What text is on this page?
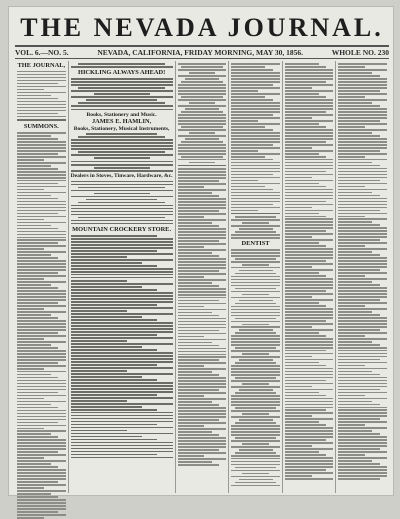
THE NEVADA JOURNAL.
VOL. 6.—NO. 5.	NEVADA, CALIFORNIA, FRIDAY MORNING, MAY 30, 1856.	WHOLE NO. 230
THE JOURNAL,
SUMMONS.
HICKLING ALWAYS AHEAD!
Books, Stationery and Music.
JAMES E. HAMLIN,
Books, Stationery, Musical Instruments,
Dealers in Stoves, Tinware, Hardware, &c.
MOUNTAIN CROCKERY STORE.
DENTIST
